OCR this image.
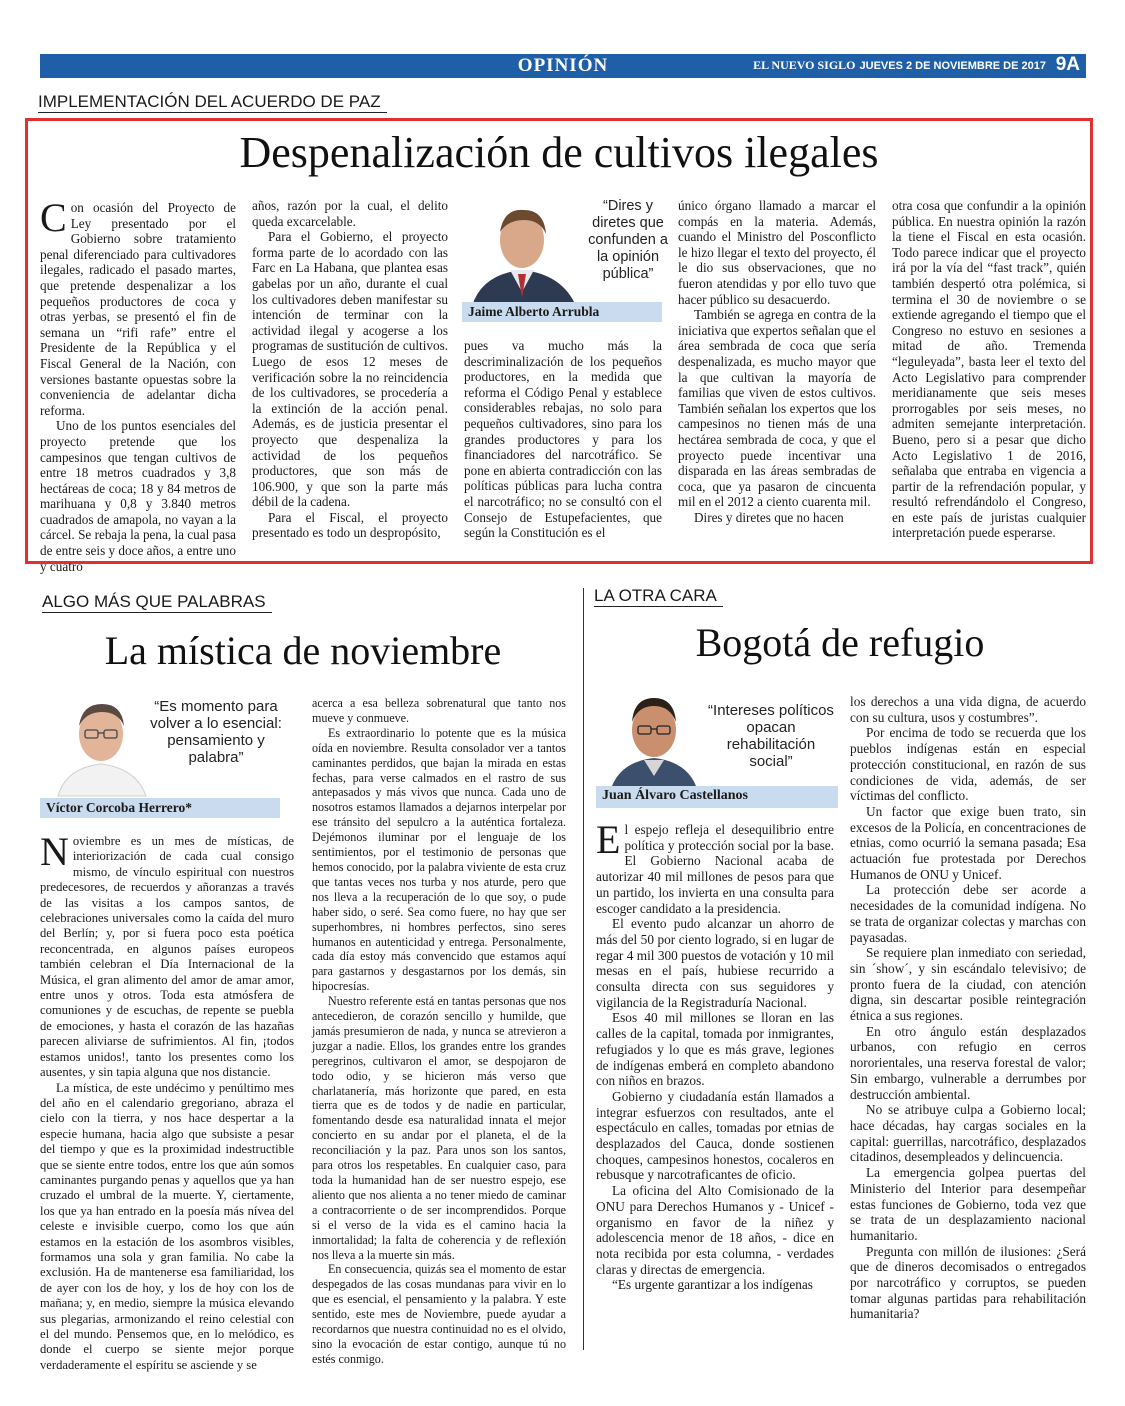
OPINIÓN	EL NUEVO SIGLO JUEVES 2 DE NOVIEMBRE DE 2017 9A
IMPLEMENTACIÓN DEL ACUERDO DE PAZ
Despenalización de cultivos ilegales

Con ocasión del Proyecto de Ley presentado por el Gobierno sobre tratamiento penal diferenciado para cultivadores ilegales, radicado el pasado martes, que pretende despenalizar a los pequeños productores de coca y otras yerbas, se presentó el fin de semana un “rifi rafe” entre el Presidente de la República y el Fiscal General de la Nación, con versiones bastante opuestas sobre la conveniencia de adelantar dicha reforma.

Uno de los puntos esenciales del proyecto pretende que los campesinos que tengan cultivos de entre 18 metros cuadrados y 3,8 hectáreas de coca; 18 y 84 metros de marihuana y 0,8 y 3.840 metros cuadrados de amapola, no vayan a la cárcel. Se rebaja la pena, la cual pasa de entre seis y doce años, a entre uno y cuatro

años, razón por la cual, el delito queda excarcelable.

Para el Gobierno, el proyecto forma parte de lo acordado con las Farc en La Habana, que plantea esas gabelas por un año, durante el cual los cultivadores deben manifestar su intención de terminar con la actividad ilegal y acogerse a los programas de sustitución de cultivos. Luego de esos 12 meses de verificación sobre la no reincidencia de los cultivadores, se procedería a la extinción de la acción penal. Además, es de justicia presentar el proyecto que despenaliza la actividad de los pequeños productores, que son más de 106.900, y que son la parte más débil de la cadena.

Para el Fiscal, el proyecto presentado es todo un despropósito,

“Dires y diretes que confunden a la opinión pública”
Jaime Alberto Arrubla

pues va mucho más la descriminalización de los pequeños productores, en la medida que reforma el Código Penal y establece considerables rebajas, no solo para pequeños cultivadores, sino para los grandes productores y para los financiadores del narcotráfico. Se pone en abierta contradicción con las políticas públicas para lucha contra el narcotráfico; no se consultó con el Consejo de Estupefacientes, que según la Constitución es el

único órgano llamado a marcar el compás en la materia. Además, cuando el Ministro del Posconflicto le hizo llegar el texto del proyecto, él le dio sus observaciones, que no fueron atendidas y por ello tuvo que hacer público su desacuerdo.

También se agrega en contra de la iniciativa que expertos señalan que el área sembrada de coca que sería despenalizada, es mucho mayor que la que cultivan la mayoría de familias que viven de estos cultivos. También señalan los expertos que los campesinos no tienen más de una hectárea sembrada de coca, y que el proyecto puede incentivar una disparada en las áreas sembradas de coca, que ya pasaron de cincuenta mil en el 2012 a ciento cuarenta mil.

Dires y diretes que no hacen

otra cosa que confundir a la opinión pública. En nuestra opinión la razón la tiene el Fiscal en esta ocasión. Todo parece indicar que el proyecto irá por la vía del “fast track”, quién también despertó otra polémica, si termina el 30 de noviembre o se extiende agregando el tiempo que el Congreso no estuvo en sesiones a mitad de año. Tremenda “leguleyada”, basta leer el texto del Acto Legislativo para comprender meridianamente que seis meses prorrogables por seis meses, no admiten semejante interpretación. Bueno, pero si a pesar que dicho Acto Legislativo 1 de 2016, señalaba que entraba en vigencia a partir de la refrendación popular, y resultó refrendándolo el Congreso, en este país de juristas cualquier interpretación puede esperarse.

ALGO MÁS QUE PALABRAS
La mística de noviembre
“Es momento para volver a lo esencial: pensamiento y palabra”
Víctor Corcoba Herrero*

Noviembre es un mes de místicas, de interiorización de cada cual consigo mismo, de vínculo espiritual con nuestros predecesores, de recuerdos y añoranzas a través de las visitas a los campos santos, de celebraciones universales como la caída del muro del Berlín; y, por si fuera poco esta poética reconcentrada, en algunos países europeos también celebran el Día Internacional de la Música, el gran alimento del amor de amar amor, entre unos y otros. Toda esta atmósfera de comuniones y de escuchas, de repente se puebla de emociones, y hasta el corazón de las hazañas parecen aliviarse de sufrimientos. Al fin, ¡todos estamos unidos!, tanto los presentes como los ausentes, y sin tapia alguna que nos distancie.

La mística, de este undécimo y penúltimo mes del año en el calendario gregoriano, abraza el cielo con la tierra, y nos hace despertar a la especie humana, hacia algo que subsiste a pesar del tiempo y que es la proximidad indestructible que se siente entre todos, entre los que aún somos caminantes purgando penas y aquellos que ya han cruzado el umbral de la muerte. Y, ciertamente, los que ya han entrado en la poesía más nívea del celeste e invisible cuerpo, como los que aún estamos en la estación de los asombros visibles, formamos una sola y gran familia. No cabe la exclusión. Ha de mantenerse esa familiaridad, los de ayer con los de hoy, y los de hoy con los de mañana; y, en medio, siempre la música elevando sus plegarias, armonizando el reino celestial con el del mundo. Pensemos que, en lo melódico, es donde el cuerpo se siente mejor porque verdaderamente el espíritu se asciende y se

acerca a esa belleza sobrenatural que tanto nos mueve y conmueve.

Es extraordinario lo potente que es la música oída en noviembre. Resulta consolador ver a tantos caminantes perdidos, que bajan la mirada en estas fechas, para verse calmados en el rastro de sus antepasados y más vivos que nunca. Cada uno de nosotros estamos llamados a dejarnos interpelar por ese tránsito del sepulcro a la auténtica fortaleza. Dejémonos iluminar por el lenguaje de los sentimientos, por el testimonio de personas que hemos conocido, por la palabra viviente de esta cruz que tantas veces nos turba y nos aturde, pero que nos lleva a la recuperación de lo que soy, o pude haber sido, o seré. Sea como fuere, no hay que ser superhombres, ni hombres perfectos, sino seres humanos en autenticidad y entrega. Personalmente, cada día estoy más convencido que estamos aquí para gastarnos y desgastarnos por los demás, sin hipocresías.

Nuestro referente está en tantas personas que nos antecedieron, de corazón sencillo y humilde, que jamás presumieron de nada, y nunca se atrevieron a juzgar a nadie. Ellos, los grandes entre los grandes peregrinos, cultivaron el amor, se despojaron de todo odio, y se hicieron más verso que charlatanería, más horizonte que pared, en esta tierra que es de todos y de nadie en particular, fomentando desde esa naturalidad innata el mejor concierto en su andar por el planeta, el de la reconciliación y la paz. Para unos son los santos, para otros los respetables. En cualquier caso, para toda la humanidad han de ser nuestro espejo, ese aliento que nos alienta a no tener miedo de caminar a contracorriente o de ser incomprendidos. Porque si el verso de la vida es el camino hacia la inmortalidad; la falta de coherencia y de reflexión nos lleva a la muerte sin más.

En consecuencia, quizás sea el momento de estar despegados de las cosas mundanas para vivir en lo que es esencial, el pensamiento y la palabra. Y este sentido, este mes de Noviembre, puede ayudar a recordarnos que nuestra continuidad no es el olvido, sino la evocación de estar contigo, aunque tú no estés conmigo.

LA OTRA CARA
Bogotá de refugio
“Intereses políticos opacan rehabilitación social”
Juan Álvaro Castellanos

El espejo refleja el desequilibrio entre política y protección social por la base. El Gobierno Nacional acaba de autorizar 40 mil millones de pesos para que un partido, los invierta en una consulta para escoger candidato a la presidencia.

El evento pudo alcanzar un ahorro de más del 50 por ciento logrado, si en lugar de regar 4 mil 300 puestos de votación y 10 mil mesas en el país, hubiese recurrido a consulta directa con sus seguidores y vigilancia de la Registraduría Nacional.

Esos 40 mil millones se lloran en las calles de la capital, tomada por inmigrantes, refugiados y lo que es más grave, legiones de indígenas emberá en completo abandono con niños en brazos.

Gobierno y ciudadanía están llamados a integrar esfuerzos con resultados, ante el espectáculo en calles, tomadas por etnias de desplazados del Cauca, donde sostienen choques, campesinos honestos, cocaleros en rebusque y narcotraficantes de oficio.

La oficina del Alto Comisionado de la ONU para Derechos Humanos y - Unicef - organismo en favor de la niñez y adolescencia menor de 18 años, - dice en nota recibida por esta columna, - verdades claras y directas de emergencia.

“Es urgente garantizar a los indígenas

los derechos a una vida digna, de acuerdo con su cultura, usos y costumbres”.

Por encima de todo se recuerda que los pueblos indígenas están en especial protección constitucional, en razón de sus condiciones de vida, además, de ser víctimas del conflicto.

Un factor que exige buen trato, sin excesos de la Policía, en concentraciones de etnias, como ocurrió la semana pasada; Esa actuación fue protestada por Derechos Humanos de ONU y Unicef.

La protección debe ser acorde a necesidades de la comunidad indígena. No se trata de organizar colectas y marchas con payasadas.

Se requiere plan inmediato con seriedad, sin ´show´, y sin escándalo televisivo; de pronto fuera de la ciudad, con atención digna, sin descartar posible reintegración étnica a sus regiones.

En otro ángulo están desplazados urbanos, con refugio en cerros nororientales, una reserva forestal de valor; Sin embargo, vulnerable a derrumbes por destrucción ambiental.

No se atribuye culpa a Gobierno local; hace décadas, hay cargas sociales en la capital: guerrillas, narcotráfico, desplazados citadinos, desempleados y delincuencia.

La emergencia golpea puertas del Ministerio del Interior para desempeñar estas funciones de Gobierno, toda vez que se trata de un desplazamiento nacional humanitario.

Pregunta con millón de ilusiones: ¿Será que de dineros decomisados o entregados por narcotráfico y corruptos, se pueden tomar algunas partidas para rehabilitación humanitaria?
